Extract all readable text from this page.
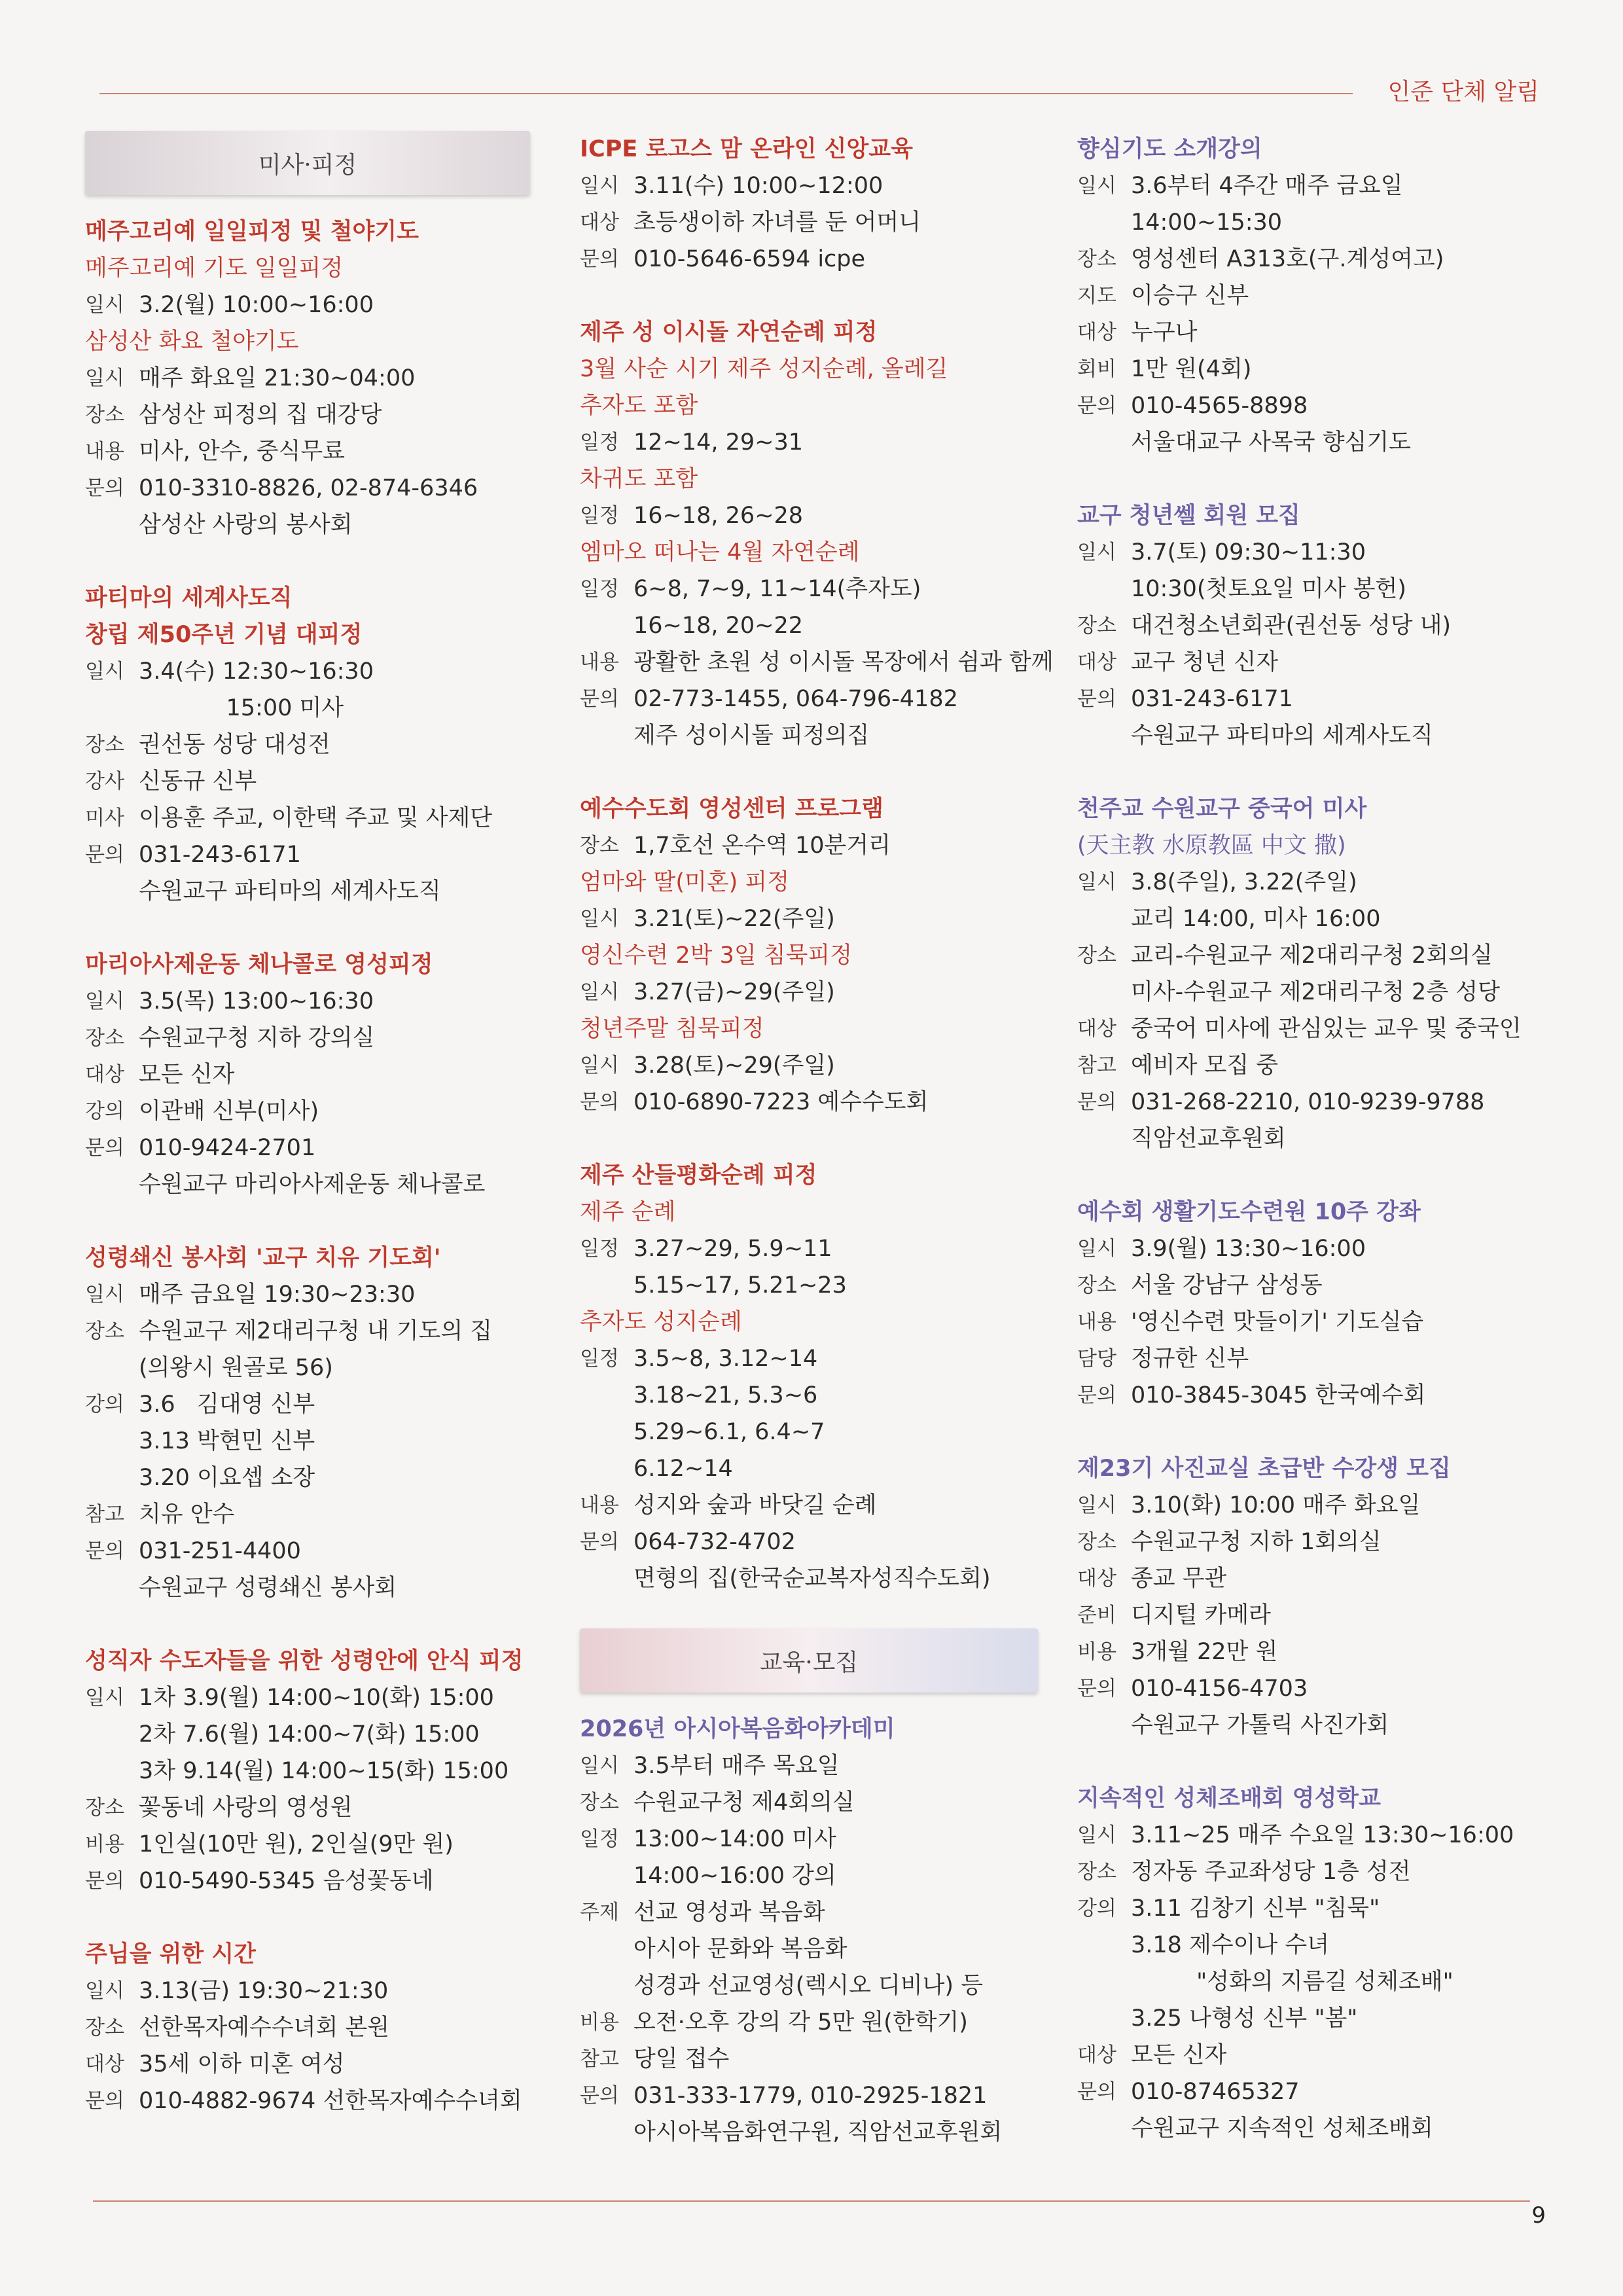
인준 단체 알림
미사·피정
메주고리예 일일피정 및 철야기도
메주고리예 기도 일일피정
일시 3.2(월) 10:00~16:00
삼성산 화요 철야기도
일시 매주 화요일 21:30~04:00
장소 삼성산 피정의 집 대강당
내용 미사, 안수, 중식무료
문의 010-3310-8826, 02-874-6346
삼성산 사랑의 봉사회
파티마의 세계사도직
창립 제50주년 기념 대피정
일시 3.4(수) 12:30~16:30
15:00 미사
장소 권선동 성당 대성전
강사 신동규 신부
미사 이용훈 주교, 이한택 주교 및 사제단
문의 031-243-6171
수원교구 파티마의 세계사도직
마리아사제운동 체나콜로 영성피정
일시 3.5(목) 13:00~16:30
장소 수원교구청 지하 강의실
대상 모든 신자
강의 이관배 신부(미사)
문의 010-9424-2701
수원교구 마리아사제운동 체나콜로
성령쇄신 봉사회 '교구 치유 기도회'
일시 매주 금요일 19:30~23:30
장소 수원교구 제2대리구청 내 기도의 집
(의왕시 원골로 56)
강의 3.6   김대영 신부
3.13 박현민 신부
3.20 이요셉 소장
참고 치유 안수
문의 031-251-4400
수원교구 성령쇄신 봉사회
성직자 수도자들을 위한 성령안에 안식 피정
일시 1차 3.9(월) 14:00~10(화) 15:00
2차 7.6(월) 14:00~7(화) 15:00
3차 9.14(월) 14:00~15(화) 15:00
장소 꽃동네 사랑의 영성원
비용 1인실(10만 원), 2인실(9만 원)
문의 010-5490-5345 음성꽃동네
주님을 위한 시간
일시 3.13(금) 19:30~21:30
장소 선한목자예수수녀회 본원
대상 35세 이하 미혼 여성
문의 010-4882-9674 선한목자예수수녀회
ICPE 로고스 맘 온라인 신앙교육
일시 3.11(수) 10:00~12:00
대상 초등생이하 자녀를 둔 어머니
문의 010-5646-6594 icpe
제주 성 이시돌 자연순례 피정
3월 사순 시기 제주 성지순례, 올레길
추자도 포함
일정 12~14, 29~31
차귀도 포함
일정 16~18, 26~28
엠마오 떠나는 4월 자연순례
일정 6~8, 7~9, 11~14(추자도)
16~18, 20~22
내용 광활한 초원 성 이시돌 목장에서 쉼과 함께
문의 02-773-1455, 064-796-4182
제주 성이시돌 피정의집
예수수도회 영성센터 프로그램
장소 1,7호선 온수역 10분거리
엄마와 딸(미혼) 피정
일시 3.21(토)~22(주일)
영신수련 2박 3일 침묵피정
일시 3.27(금)~29(주일)
청년주말 침묵피정
일시 3.28(토)~29(주일)
문의 010-6890-7223 예수수도회
제주 산들평화순례 피정
제주 순례
일정 3.27~29, 5.9~11
5.15~17, 5.21~23
추자도 성지순례
일정 3.5~8, 3.12~14
3.18~21, 5.3~6
5.29~6.1, 6.4~7
6.12~14
내용 성지와 숲과 바닷길 순례
문의 064-732-4702
면형의 집(한국순교복자성직수도회)
교육·모집
2026년 아시아복음화아카데미
일시 3.5부터 매주 목요일
장소 수원교구청 제4회의실
일정 13:00~14:00 미사
14:00~16:00 강의
주제 선교 영성과 복음화
아시아 문화와 복음화
성경과 선교영성(렉시오 디비나) 등
비용 오전·오후 강의 각 5만 원(한학기)
참고 당일 접수
문의 031-333-1779, 010-2925-1821
아시아복음화연구원, 직암선교후원회
향심기도 소개강의
일시 3.6부터 4주간 매주 금요일
14:00~15:30
장소 영성센터 A313호(구.계성여고)
지도 이승구 신부
대상 누구나
회비 1만 원(4회)
문의 010-4565-8898
서울대교구 사목국 향심기도
교구 청년쎌 회원 모집
일시 3.7(토) 09:30~11:30
10:30(첫토요일 미사 봉헌)
장소 대건청소년회관(권선동 성당 내)
대상 교구 청년 신자
문의 031-243-6171
수원교구 파티마의 세계사도직
천주교 수원교구 중국어 미사
(天主教 水原教區 中文 撒)
일시 3.8(주일), 3.22(주일)
교리 14:00, 미사 16:00
장소 교리-수원교구 제2대리구청 2회의실
미사-수원교구 제2대리구청 2층 성당
대상 중국어 미사에 관심있는 교우 및 중국인
참고 예비자 모집 중
문의 031-268-2210, 010-9239-9788
직암선교후원회
예수회 생활기도수련원 10주 강좌
일시 3.9(월) 13:30~16:00
장소 서울 강남구 삼성동
내용 '영신수련 맛들이기' 기도실습
담당 정규한 신부
문의 010-3845-3045 한국예수회
제23기 사진교실 초급반 수강생 모집
일시 3.10(화) 10:00 매주 화요일
장소 수원교구청 지하 1회의실
대상 종교 무관
준비 디지털 카메라
비용 3개월 22만 원
문의 010-4156-4703
수원교구 가톨릭 사진가회
지속적인 성체조배회 영성학교
일시 3.11~25 매주 수요일 13:30~16:00
장소 정자동 주교좌성당 1층 성전
강의 3.11 김창기 신부 "침묵"
3.18 제수이나 수녀
"성화의 지름길 성체조배"
3.25 나형성 신부 "봄"
대상 모든 신자
문의 010-87465327
수원교구 지속적인 성체조배회
9
